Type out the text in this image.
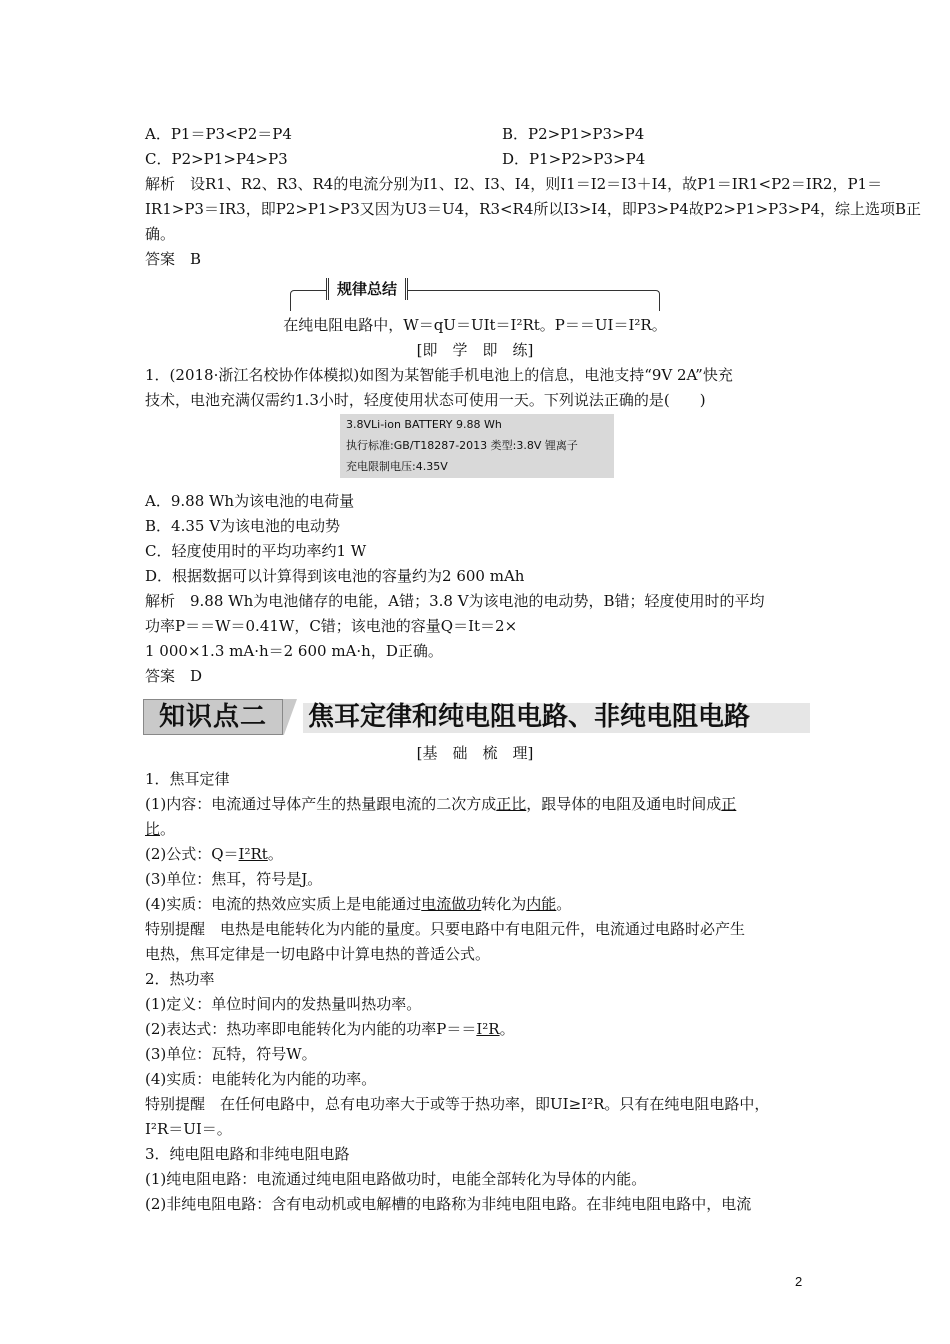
A．P1＝P3<P2＝P4	B．P2>P1>P3>P4
C．P2>P1>P4>P3	D．P1>P2>P3>P4
解析　设R1、R2、R3、R4的电流分别为I1、I2、I3、I4，则I1＝I2＝I3＋I4，故P1＝IR1<P2＝IR2，P1＝
IR1>P3＝IR3，即P2>P1>P3又因为U3＝U4，R3<R4所以I3>I4，即P3>P4故P2>P1>P3>P4，综上选项B正
确。
答案　B
规律总结
在纯电阻电路中，W＝qU＝UIt＝I²Rt。P＝＝UI＝I²R。
[即　学　即　练]
1．(2018·浙江名校协作体模拟)如图为某智能手机电池上的信息，电池支持“9V 2A”快充
技术，电池充满仅需约1.3小时，轻度使用状态可使用一天。下列说法正确的是(　　)
3.8VLi-ion BATTERY 9.88 Wh
执行标准:GB/T18287-2013 类型:3.8V 锂离子
充电限制电压:4.35V
A．9.88 Wh为该电池的电荷量
B．4.35 V为该电池的电动势
C．轻度使用时的平均功率约1 W
D．根据数据可以计算得到该电池的容量约为2 600 mAh
解析　9.88 Wh为电池储存的电能，A错；3.8 V为该电池的电动势，B错；轻度使用时的平均
功率P＝＝W＝0.41W，C错；该电池的容量Q＝It＝2×
1 000×1.3 mA·h＝2 600 mA·h，D正确。
答案　D
知识点二	焦耳定律和纯电阻电路、非纯电阻电路
[基　础　梳　理]
1．焦耳定律
(1)内容：电流通过导体产生的热量跟电流的二次方成正比，跟导体的电阻及通电时间成正
比。
(2)公式：Q＝I²Rt。
(3)单位：焦耳，符号是J。
(4)实质：电流的热效应实质上是电能通过电流做功转化为内能。
特别提醒　电热是电能转化为内能的量度。只要电路中有电阻元件，电流通过电路时必产生
电热，焦耳定律是一切电路中计算电热的普适公式。
2．热功率
(1)定义：单位时间内的发热量叫热功率。
(2)表达式：热功率即电能转化为内能的功率P＝＝I²R。
(3)单位：瓦特，符号W。
(4)实质：电能转化为内能的功率。
特别提醒　在任何电路中，总有电功率大于或等于热功率，即UI≥I²R。只有在纯电阻电路中，
I²R＝UI＝。
3．纯电阻电路和非纯电阻电路
(1)纯电阻电路：电流通过纯电阻电路做功时，电能全部转化为导体的内能。
(2)非纯电阻电路：含有电动机或电解槽的电路称为非纯电阻电路。在非纯电阻电路中，电流
2
